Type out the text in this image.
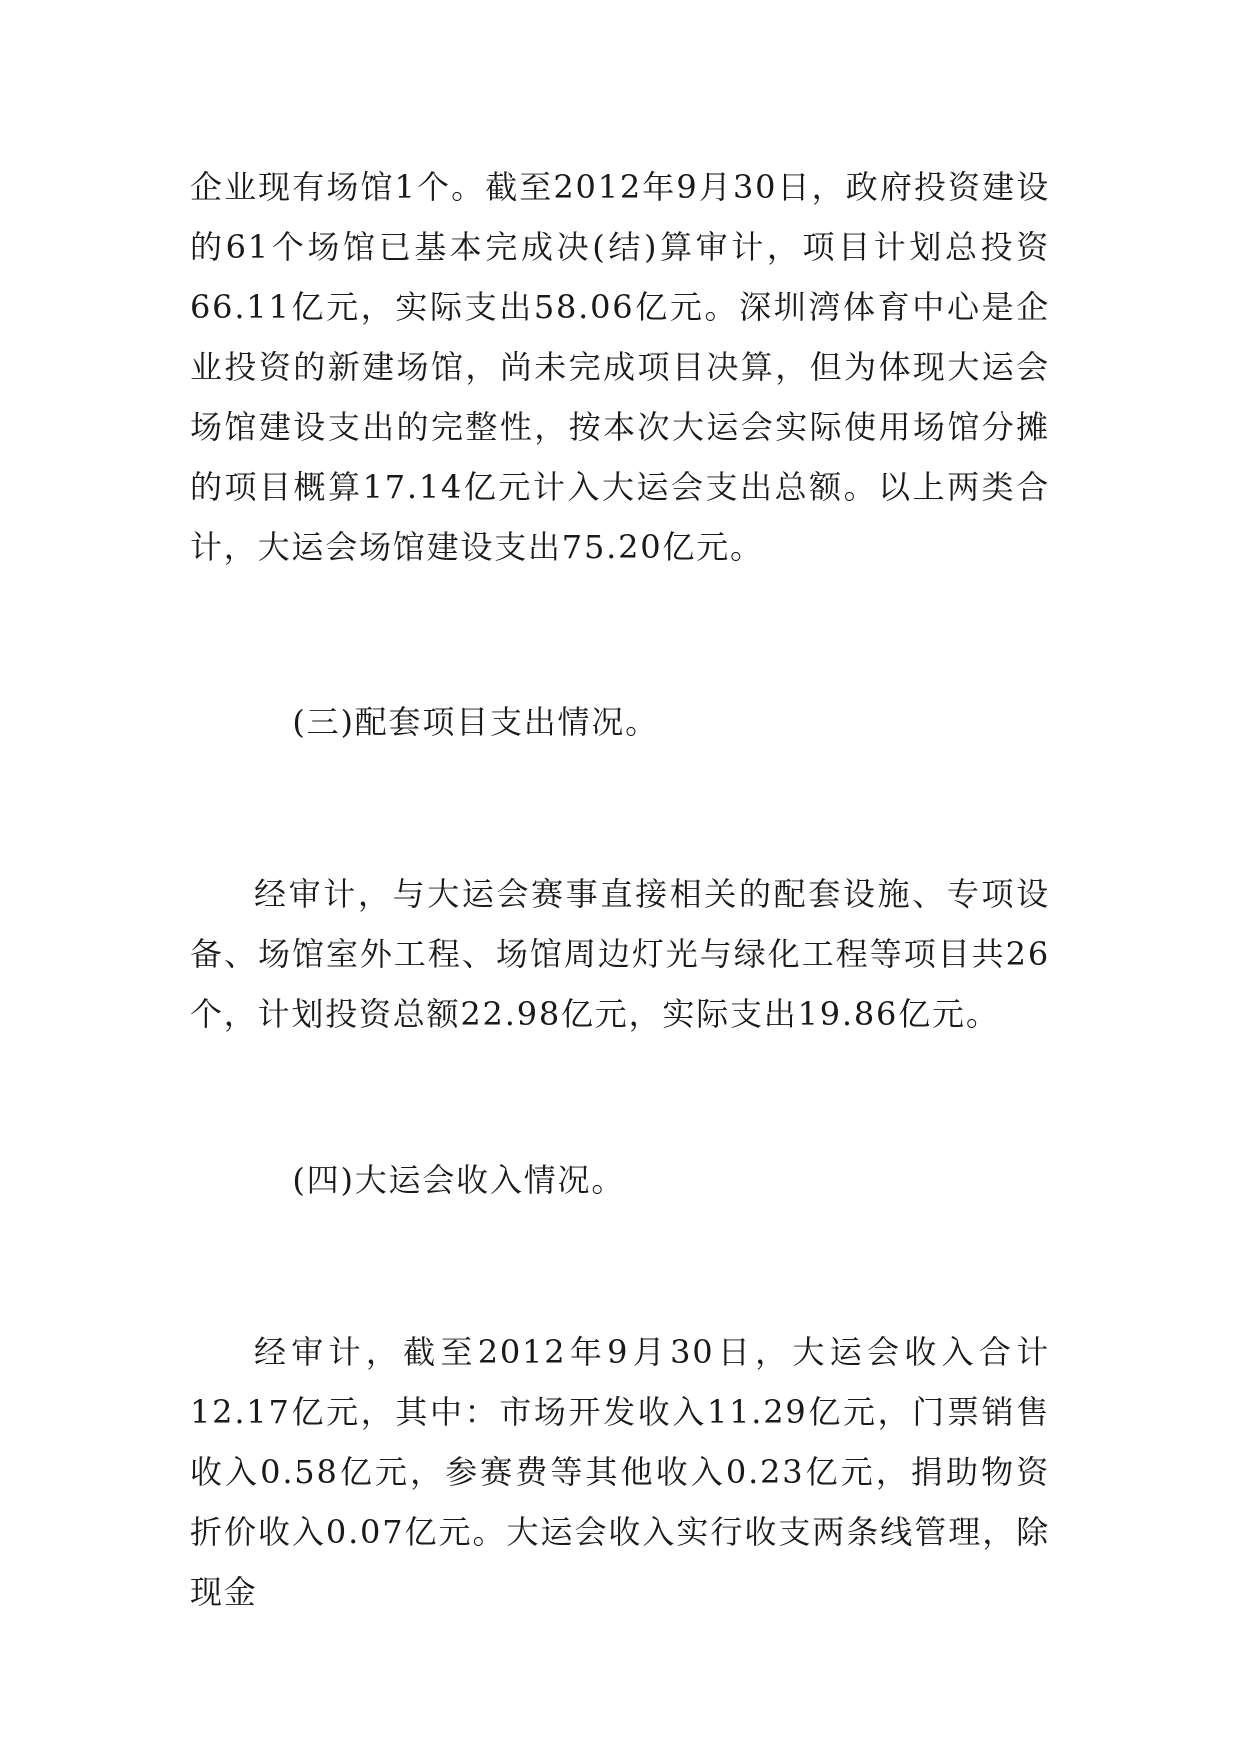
企业现有场馆1个。截至2012年9月30日，政府投资建设的61个场馆已基本完成决(结)算审计，项目计划总投资66.11亿元，实际支出58.06亿元。深圳湾体育中心是企业投资的新建场馆，尚未完成项目决算，但为体现大运会场馆建设支出的完整性，按本次大运会实际使用场馆分摊的项目概算17.14亿元计入大运会支出总额。以上两类合计，大运会场馆建设支出75.20亿元。

(三)配套项目支出情况。

经审计，与大运会赛事直接相关的配套设施、专项设备、场馆室外工程、场馆周边灯光与绿化工程等项目共26个，计划投资总额22.98亿元，实际支出19.86亿元。

(四)大运会收入情况。

经审计，截至2012年9月30日，大运会收入合计12.17亿元，其中：市场开发收入11.29亿元，门票销售收入0.58亿元，参赛费等其他收入0.23亿元，捐助物资折价收入0.07亿元。大运会收入实行收支两条线管理，除现金
